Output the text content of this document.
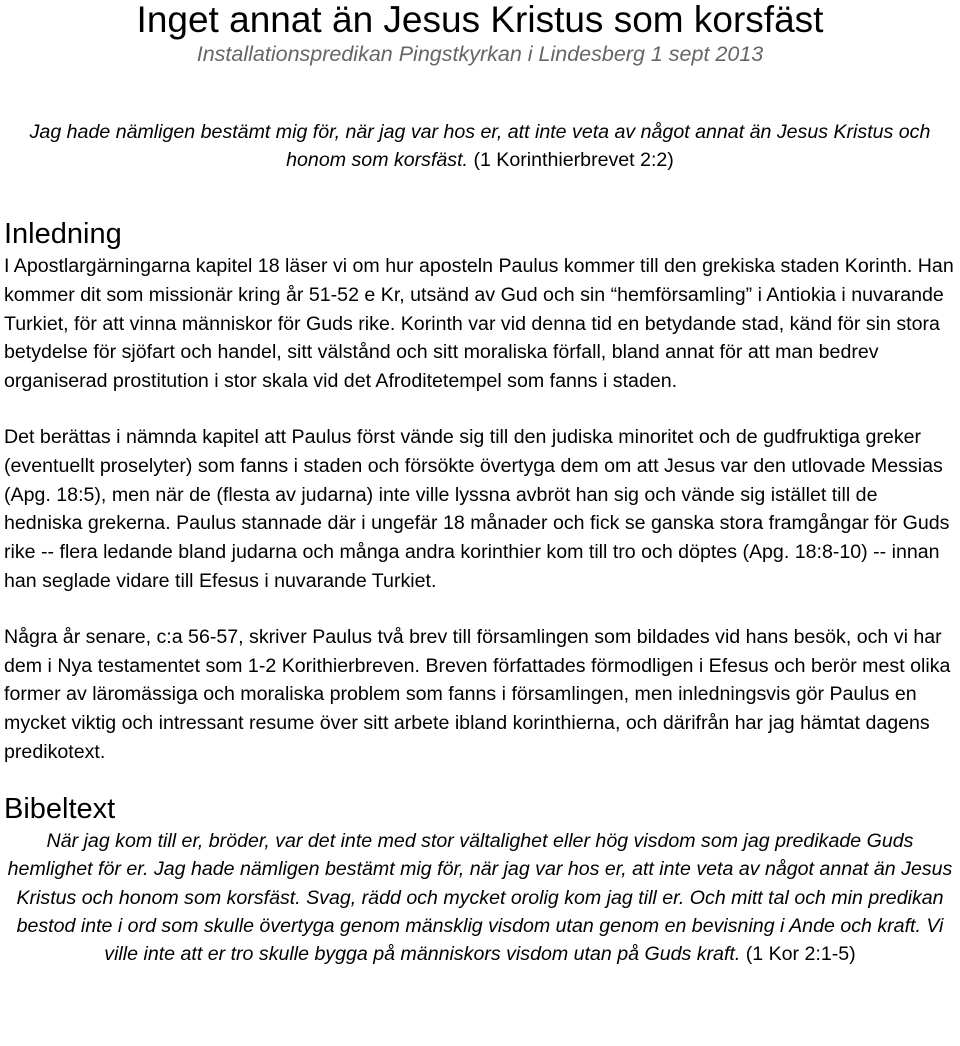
Inget annat än Jesus Kristus som korsfäst

Installationspredikan Pingstkyrkan i Lindesberg 1 sept 2013

Jag hade nämligen bestämt mig för, när jag var hos er, att inte veta av något annat än Jesus Kristus och honom som korsfäst. (1 Korinthierbrevet 2:2)

Inledning

I Apostlargärningarna kapitel 18 läser vi om hur aposteln Paulus kommer till den grekiska staden Korinth. Han kommer dit som missionär kring år 51-52 e Kr, utsänd av Gud och sin “hemförsamling” i Antiokia i nuvarande Turkiet, för att vinna människor för Guds rike. Korinth var vid denna tid en betydande stad, känd för sin stora betydelse för sjöfart och handel, sitt välstånd och sitt moraliska förfall, bland annat för att man bedrev organiserad prostitution i stor skala vid det Afroditetempel som fanns i staden.

Det berättas i nämnda kapitel att Paulus först vände sig till den judiska minoritet och de gudfruktiga greker (eventuellt proselyter) som fanns i staden och försökte övertyga dem om att Jesus var den utlovade Messias (Apg. 18:5), men när de (flesta av judarna) inte ville lyssna avbröt han sig och vände sig istället till de hedniska grekerna. Paulus stannade där i ungefär 18 månader och fick se ganska stora framgångar för Guds rike -- flera ledande bland judarna och många andra korinthier kom till tro och döptes (Apg. 18:8-10) -- innan han seglade vidare till Efesus i nuvarande Turkiet.

Några år senare, c:a 56-57, skriver Paulus två brev till församlingen som bildades vid hans besök, och vi har dem i Nya testamentet som 1-2 Korithierbreven. Breven författades förmodligen i Efesus och berör mest olika former av läromässiga och moraliska problem som fanns i församlingen, men inledningsvis gör Paulus en mycket viktig och intressant resume över sitt arbete ibland korinthierna, och därifrån har jag hämtat dagens predikotext.

Bibeltext

När jag kom till er, bröder, var det inte med stor vältalighet eller hög visdom som jag predikade Guds hemlighet för er. Jag hade nämligen bestämt mig för, när jag var hos er, att inte veta av något annat än Jesus Kristus och honom som korsfäst. Svag, rädd och mycket orolig kom jag till er. Och mitt tal och min predikan bestod inte i ord som skulle övertyga genom mänsklig visdom utan genom en bevisning i Ande och kraft. Vi ville inte att er tro skulle bygga på människors visdom utan på Guds kraft. (1 Kor 2:1-5)
